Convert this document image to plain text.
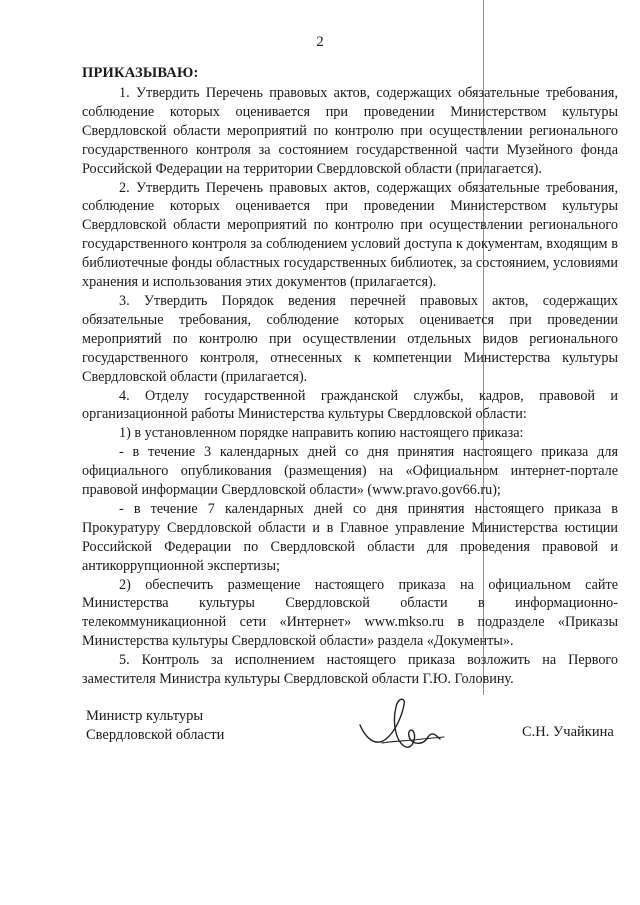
2
ПРИКАЗЫВАЮ:

1. Утвердить Перечень правовых актов, содержащих обязательные требования, соблюдение которых оценивается при проведении Министерством культуры Свердловской области мероприятий по контролю при осуществлении регионального государственного контроля за состоянием государственной части Музейного фонда Российской Федерации на территории Свердловской области (прилагается).

2. Утвердить Перечень правовых актов, содержащих обязательные требования, соблюдение которых оценивается при проведении Министерством культуры Свердловской области мероприятий по контролю при осуществлении регионального государственного контроля за соблюдением условий доступа к документам, входящим в библиотечные фонды областных государственных библиотек, за состоянием, условиями хранения и использования этих документов (прилагается).

3. Утвердить Порядок ведения перечней правовых актов, содержащих обязательные требования, соблюдение которых оценивается при проведении мероприятий по контролю при осуществлении отдельных видов регионального государственного контроля, отнесенных к компетенции Министерства культуры Свердловской области (прилагается).

4. Отделу государственной гражданской службы, кадров, правовой и организационной работы Министерства культуры Свердловской области:

1) в установленном порядке направить копию настоящего приказа:

- в течение 3 календарных дней со дня принятия настоящего приказа для официального опубликования (размещения) на «Официальном интернет-портале правовой информации Свердловской области» (www.pravo.gov66.ru);

- в течение 7 календарных дней со дня принятия настоящего приказа в Прокуратуру Свердловской области и в Главное управление Министерства юстиции Российской Федерации по Свердловской области для проведения правовой и антикоррупционной экспертизы;

2) обеспечить размещение настоящего приказа на официальном сайте Министерства культуры Свердловской области в информационно-телекоммуникационной сети «Интернет» www.mkso.ru в подразделе «Приказы Министерства культуры Свердловской области» раздела «Документы».

5. Контроль за исполнением настоящего приказа возложить на Первого заместителя Министра культуры Свердловской области Г.Ю. Головину.

Министр культуры
Свердловской области	С.Н. Учайкина
